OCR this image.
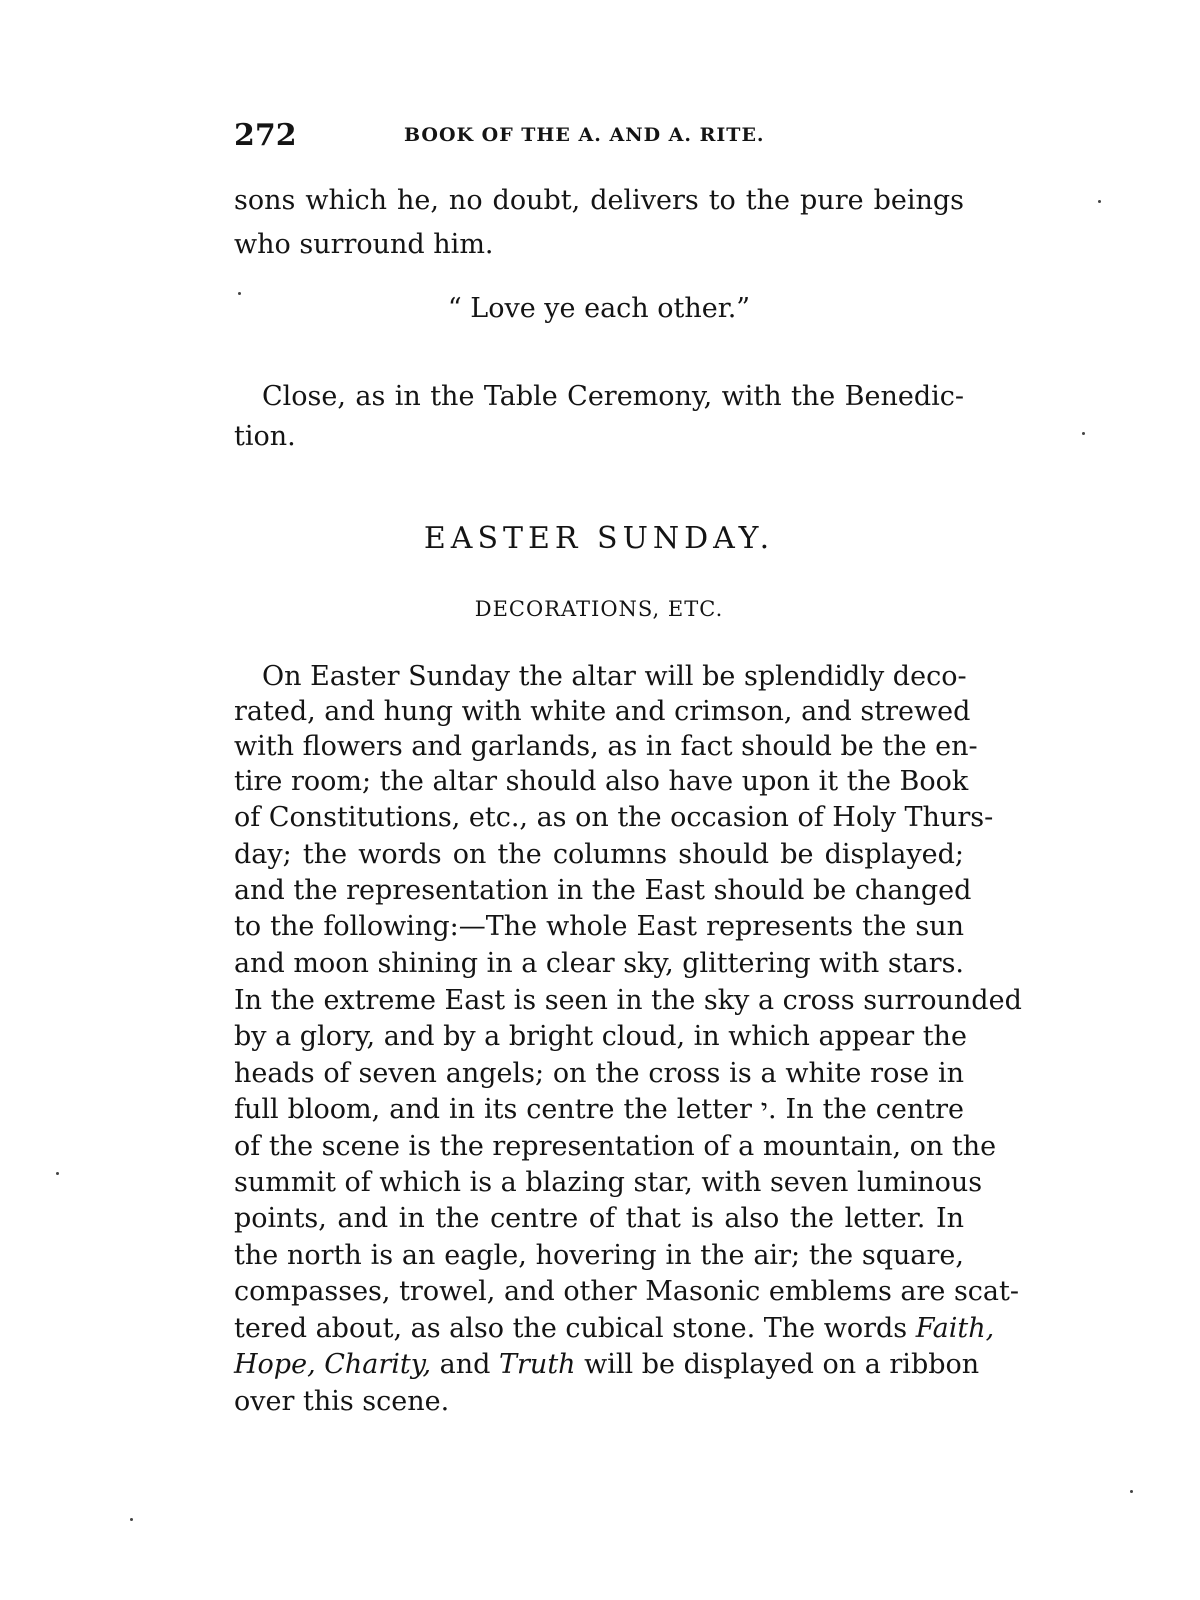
272	BOOK OF THE A. AND A. RITE.
sons which he, no doubt, delivers to the pure beings
who surround him.
“ Love ye each other.”
Close, as in the Table Ceremony, with the Benedic-
tion.
EASTER SUNDAY.
DECORATIONS, ETC.
On Easter Sunday the altar will be splendidly deco-
rated, and hung with white and crimson, and strewed
with flowers and garlands, as in fact should be the en-
tire room; the altar should also have upon it the Book
of Constitutions, etc., as on the occasion of Holy Thurs-
day; the words on the columns should be displayed;
and the representation in the East should be changed
to the following:—The whole East represents the sun
and moon shining in a clear sky, glittering with stars.
In the extreme East is seen in the sky a cross surrounded
by a glory, and by a bright cloud, in which appear the
heads of seven angels; on the cross is a white rose in
full bloom, and in its centre the letter י. In the centre
of the scene is the representation of a mountain, on the
summit of which is a blazing star, with seven luminous
points, and in the centre of that is also the letter. In
the north is an eagle, hovering in the air; the square,
compasses, trowel, and other Masonic emblems are scat-
tered about, as also the cubical stone. The words Faith,
Hope, Charity, and Truth will be displayed on a ribbon
over this scene.
